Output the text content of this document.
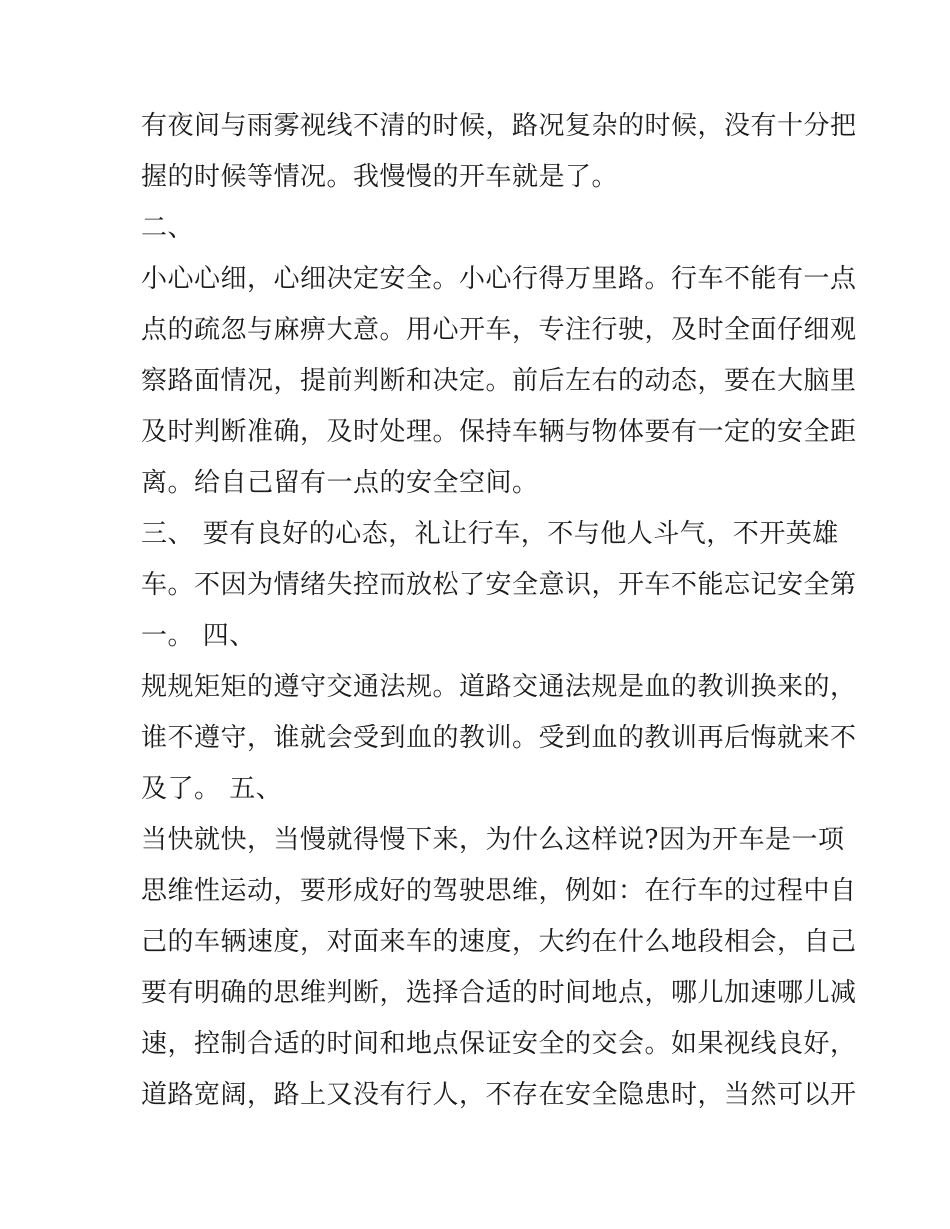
有夜间与雨雾视线不清的时候，路况复杂的时候，没有十分把
握的时候等情况。我慢慢的开车就是了。
二、
小心心细，心细决定安全。小心行得万里路。行车不能有一点
点的疏忽与麻痹大意。用心开车，专注行驶，及时全面仔细观
察路面情况，提前判断和决定。前后左右的动态，要在大脑里
及时判断准确，及时处理。保持车辆与物体要有一定的安全距
离。给自己留有一点的安全空间。
三、 要有良好的心态，礼让行车，不与他人斗气，不开英雄
车。不因为情绪失控而放松了安全意识，开车不能忘记安全第
一。 四、
规规矩矩的遵守交通法规。道路交通法规是血的教训换来的，
谁不遵守，谁就会受到血的教训。受到血的教训再后悔就来不
及了。 五、
当快就快，当慢就得慢下来，为什么这样说?因为开车是一项
思维性运动，要形成好的驾驶思维，例如：在行车的过程中自
己的车辆速度，对面来车的速度，大约在什么地段相会，自己
要有明确的思维判断，选择合适的时间地点，哪儿加速哪儿减
速，控制合适的时间和地点保证安全的交会。如果视线良好，
道路宽阔，路上又没有行人，不存在安全隐患时，当然可以开
